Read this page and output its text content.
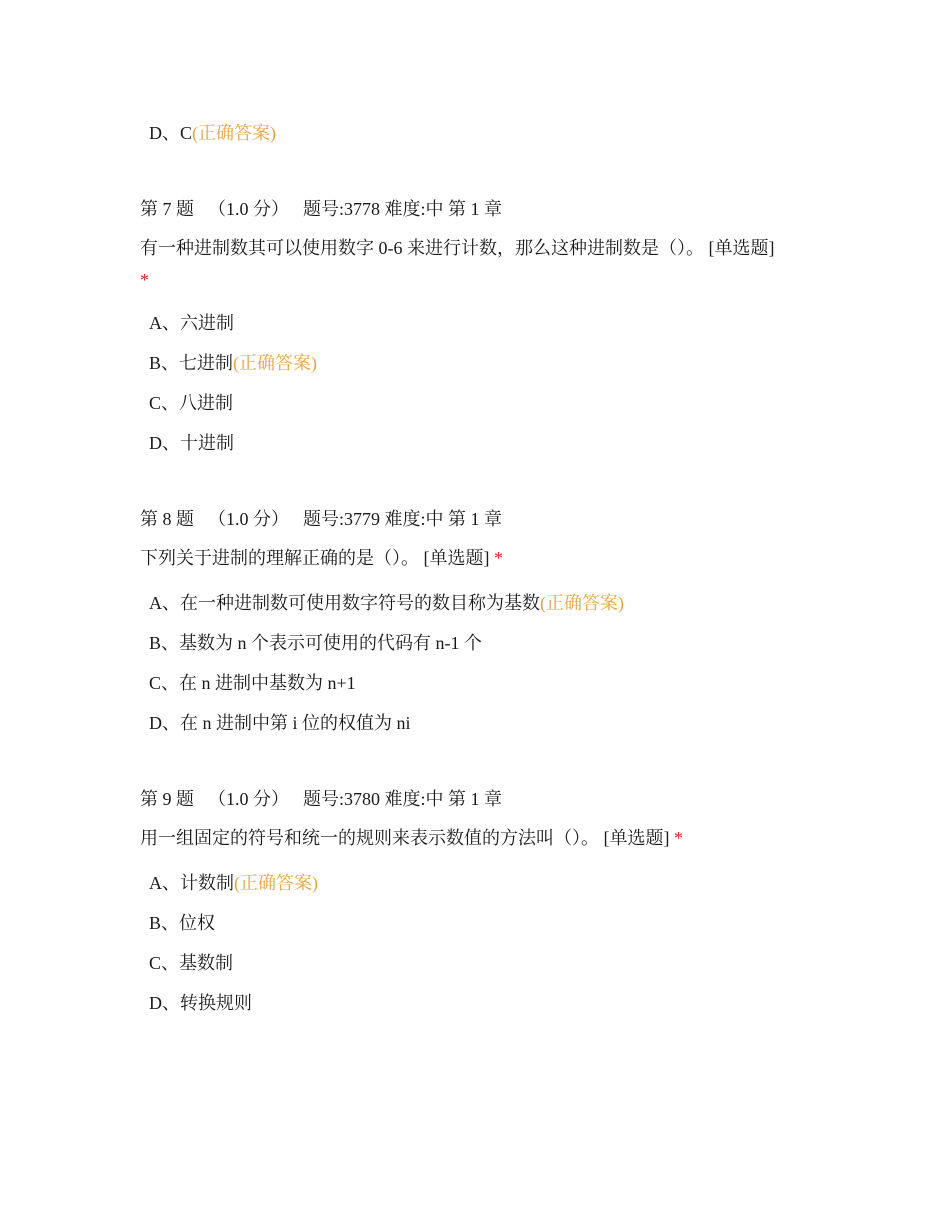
D、C(正确答案)
第 7 题 （1.0 分） 题号:3778 难度:中 第 1 章
有一种进制数其可以使用数字 0-6 来进行计数，那么这种进制数是（）。 [单选题]
*
A、六进制
B、七进制(正确答案)
C、八进制
D、十进制
第 8 题 （1.0 分） 题号:3779 难度:中 第 1 章
下列关于进制的理解正确的是（）。 [单选题] *
A、在一种进制数可使用数字符号的数目称为基数(正确答案)
B、基数为 n 个表示可使用的代码有 n-1 个
C、在 n 进制中基数为 n+1
D、在 n 进制中第 i 位的权值为 ni
第 9 题 （1.0 分） 题号:3780 难度:中 第 1 章
用一组固定的符号和统一的规则来表示数值的方法叫（）。 [单选题] *
A、计数制(正确答案)
B、位权
C、基数制
D、转换规则
